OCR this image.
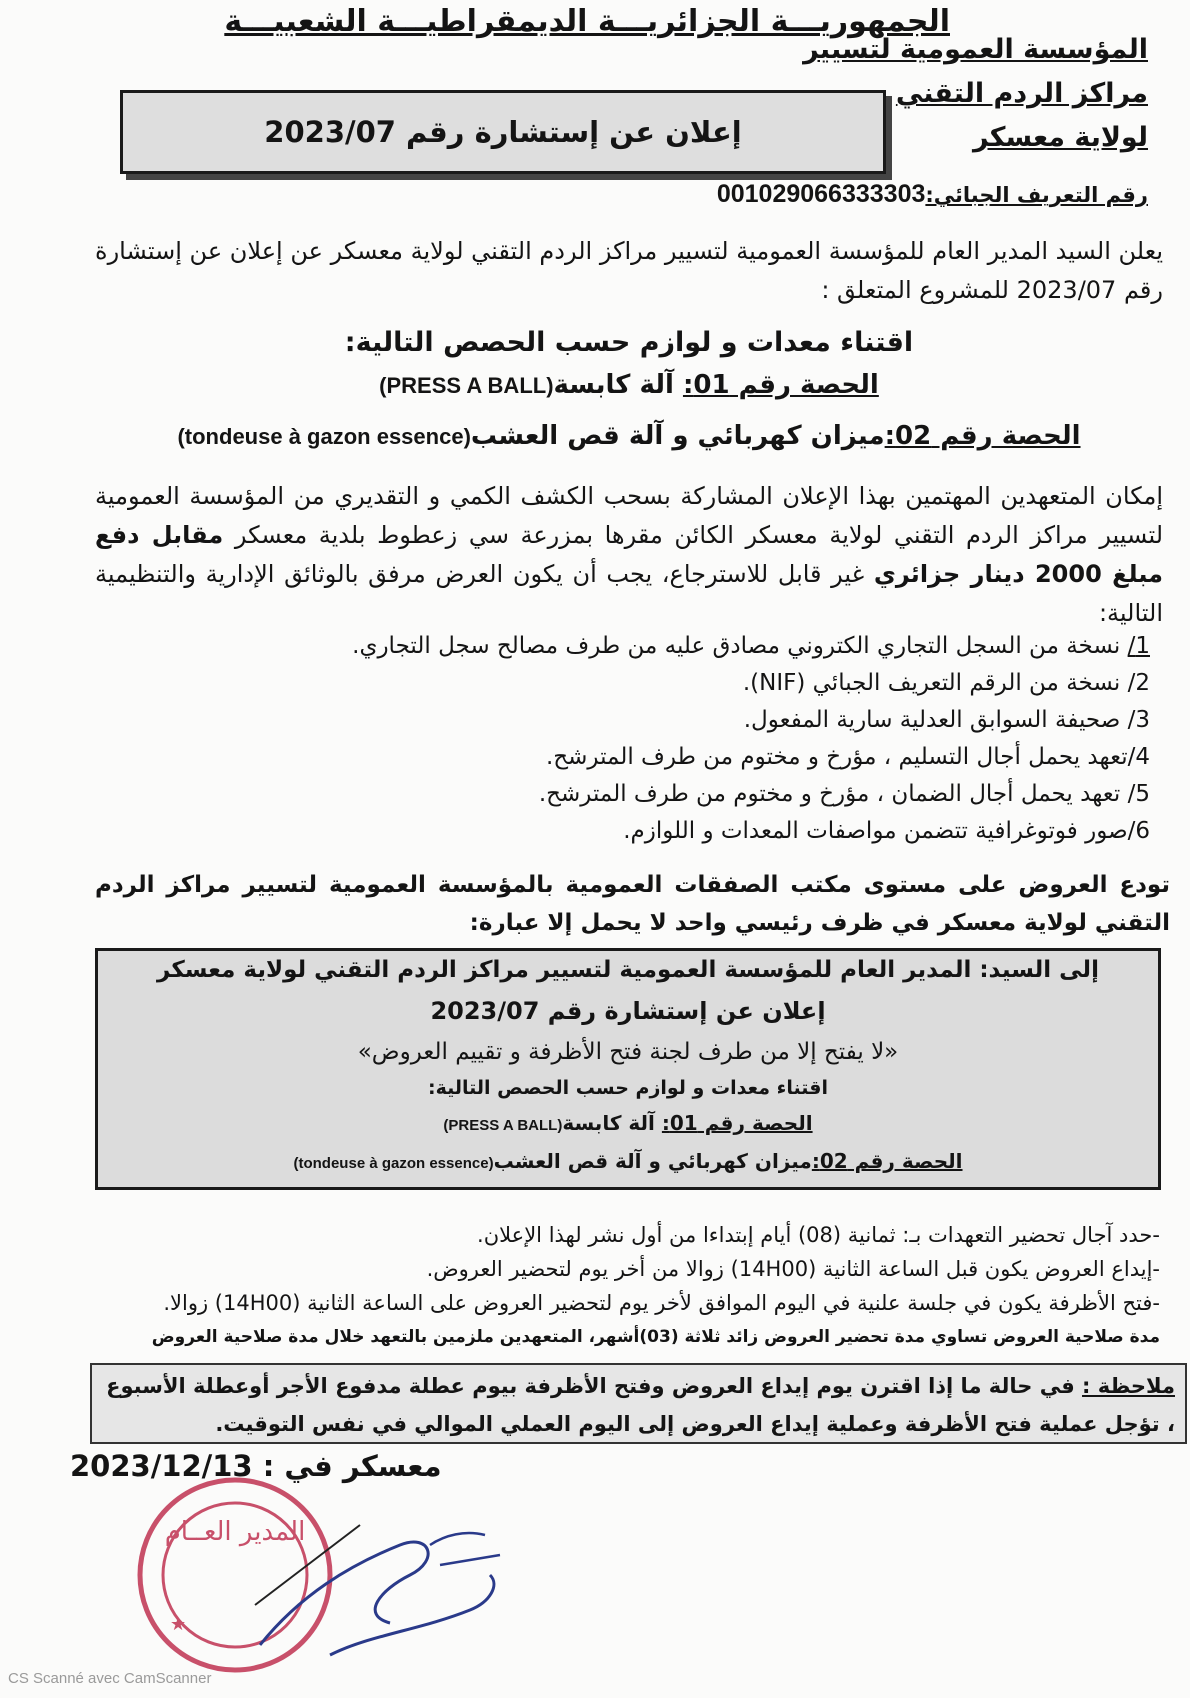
الجمهوريـــة الجزائريـــة الديمقراطيـــة الشعبيـــة
المؤسسة العمومية لتسيير
مراكز الردم التقني
لولاية معسكر
إعلان عن إستشارة رقم 2023/07
رقم التعريف الجبائي:001029066333303
يعلن السيد المدير العام للمؤسسة العمومية لتسيير مراكز الردم التقني لولاية معسكر عن إعلان عن إستشارة رقم 2023/07 للمشروع المتعلق :
اقتناء معدات و لوازم حسب الحصص التالية:
الحصة رقم 01: آلة كابسة(PRESS A BALL)
الحصة رقم 02:ميزان كهربائي و آلة قص العشب(tondeuse à gazon essence)
إمكان المتعهدين المهتمين بهذا الإعلان المشاركة بسحب الكشف الكمي و التقديري من المؤسسة العمومية لتسيير مراكز الردم التقني لولاية معسكر الكائن مقرها بمزرعة سي زعطوط بلدية معسكر مقابل دفع مبلغ 2000 دينار جزائري غير قابل للاسترجاع، يجب أن يكون العرض مرفق بالوثائق الإدارية والتنظيمية التالية:
1/ نسخة من السجل التجاري الكتروني مصادق عليه من طرف مصالح سجل التجاري.
2/ نسخة من الرقم التعريف الجبائي (NIF).
3/ صحيفة السوابق العدلية سارية المفعول.
4/تعهد يحمل أجال التسليم ، مؤرخ و مختوم من طرف المترشح.
5/ تعهد يحمل أجال الضمان ، مؤرخ و مختوم من طرف المترشح.
6/صور فوتوغرافية تتضمن مواصفات المعدات و اللوازم.
تودع العروض على مستوى مكتب الصفقات العمومية بالمؤسسة العمومية لتسيير مراكز الردم التقني لولاية معسكر في ظرف رئيسي واحد لا يحمل إلا عبارة:
إلى السيد: المدير العام للمؤسسة العمومية لتسيير مراكز الردم التقني لولاية معسكر
إعلان عن إستشارة رقم 2023/07
«لا يفتح إلا من طرف لجنة فتح الأظرفة و تقييم العروض»
اقتناء معدات و لوازم حسب الحصص التالية:
الحصة رقم 01: آلة كابسة(PRESS A BALL)
الحصة رقم 02:ميزان كهربائي و آلة قص العشب(tondeuse à gazon essence)
-حدد آجال تحضير التعهدات بـ: ثمانية (08) أيام إبتداءا من أول نشر لهذا الإعلان.
-إيداع العروض يكون قبل الساعة الثانية (14H00) زوالا من أخر يوم لتحضير العروض.
-فتح الأظرفة يكون في جلسة علنية في اليوم الموافق لأخر يوم لتحضير العروض على الساعة الثانية (14H00) زوالا.
مدة صلاحية العروض تساوي مدة تحضير العروض زائد ثلاثة (03)أشهر، المتعهدين ملزمين بالتعهد خلال مدة صلاحية العروض
ملاحظة : في حالة ما إذا اقترن يوم إيداع العروض وفتح الأظرفة بيوم عطلة مدفوع الأجر أوعطلة الأسبوع ، تؤجل عملية فتح الأظرفة وعملية إيداع العروض إلى اليوم العملي الموالي في نفس التوقيت.
معسكر في : 2023/12/13
المدير العــام
★
CS Scanné avec CamScanner
